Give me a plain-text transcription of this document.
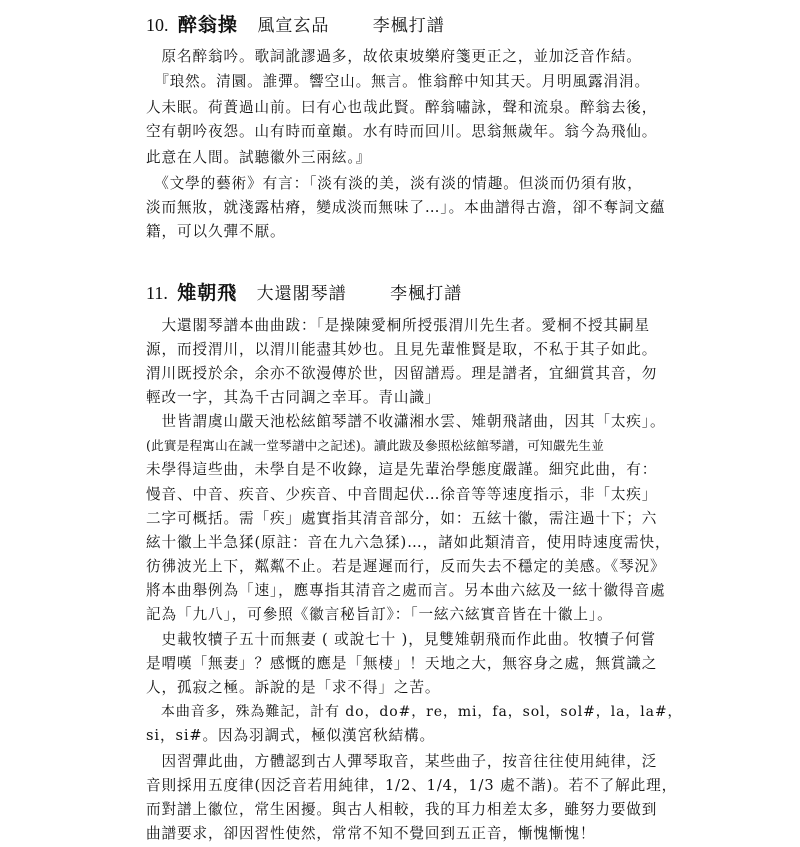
10. 醉翁操 風宣玄品	李楓打譜
　原名醉翁吟。歌詞訛謬過多，故依東坡樂府箋更正之，並加泛音作結。
　『琅然。清圜。誰彈。響空山。無言。惟翁醉中知其天。月明風露涓涓。
人未眠。荷蕢過山前。曰有心也哉此賢。醉翁嘯詠，聲和流泉。醉翁去後，
空有朝吟夜怨。山有時而童巔。水有時而回川。思翁無歲年。翁今為飛仙。
此意在人間。試聽徽外三兩絃。』
　《文學的藝術》有言：「淡有淡的美，淡有淡的情趣。但淡而仍須有妝，
淡而無妝，就淺露枯瘠，變成淡而無味了…」。本曲譜得古澹，卻不奪詞文蘊
籍，可以久彈不厭。
11. 雉朝飛 大還閣琴譜	李楓打譜
　大還閣琴譜本曲曲跋：「是操陳愛桐所授張渭川先生者。愛桐不授其嗣星
源，而授渭川，以渭川能盡其妙也。且見先輩惟賢是取，不私于其子如此。
渭川既授於余，余亦不欲漫傳於世，因留譜焉。理是譜者，宜細賞其音，勿
輕改一字，其為千古同調之幸耳。青山識」
　世皆謂虞山嚴天池松絃館琴譜不收瀟湘水雲、雉朝飛諸曲，因其「太疾」。
(此實是程寓山在誠一堂琴譜中之記述)。讀此跋及參照松絃館琴譜，可知嚴先生並
未學得這些曲，未學自是不收錄，這是先輩治學態度嚴謹。細究此曲，有：
慢音、中音、疾音、少疾音、中音間起伏…徐音等等速度指示，非「太疾」
二字可概括。需「疾」處實指其清音部分，如：五絃十徽，需注過十下；六
絃十徽上半急猱(原註：音在九六急猱)…，諸如此類清音，使用時速度需快，
彷彿波光上下，粼粼不止。若是遲遲而行，反而失去不穩定的美感。《琴況》
將本曲舉例為「速」，應專指其清音之處而言。另本曲六絃及一絃十徽得音處
記為「九八」，可參照《徽言秘旨訂》：「一絃六絃實音皆在十徽上」。
　史載牧犢子五十而無妻 ( 或說七十 )，見雙雉朝飛而作此曲。牧犢子何嘗
是喟嘆「無妻」？感慨的應是「無棲」！天地之大，無容身之處，無賞識之
人，孤寂之極。訴說的是「求不得」之苦。
　本曲音多，殊為難記，計有 do，do#，re，mi，fa，sol，sol#，la，la#，
si，si#。因為羽調式，極似漢宮秋結構。
　因習彈此曲，方體認到古人彈琴取音，某些曲子，按音往往使用純律，泛
音則採用五度律(因泛音若用純律，1/2、1/4，1/3 處不諧)。若不了解此理，
而對譜上徽位，常生困擾。與古人相較，我的耳力相差太多，雖努力要做到
曲譜要求，卻因習性使然，常常不知不覺回到五正音，慚愧慚愧！
